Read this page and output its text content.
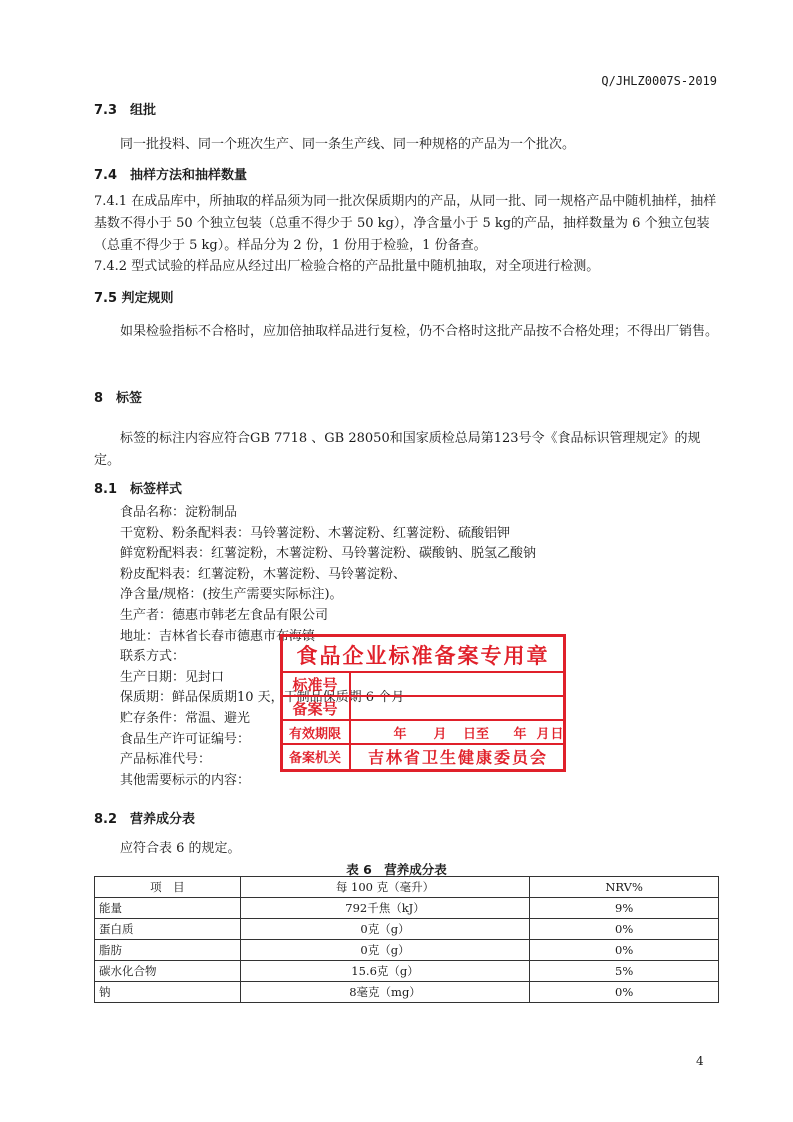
Q/JHLZ0007S-2019
7.3　组批
同一批投料、同一个班次生产、同一条生产线、同一种规格的产品为一个批次。
7.4　抽样方法和抽样数量
7.4.1 在成品库中，所抽取的样品须为同一批次保质期内的产品，从同一批、同一规格产品中随机抽样，抽样基数不得小于 50 个独立包装（总重不得少于 50 kg），净含量小于 5 kg的产品，抽样数量为 6 个独立包装（总重不得少于 5 kg）。样品分为 2 份，1 份用于检验，1 份备查。
7.4.2 型式试验的样品应从经过出厂检验合格的产品批量中随机抽取，对全项进行检测。
7.5 判定规则
如果检验指标不合格时，应加倍抽取样品进行复检，仍不合格时这批产品按不合格处理；不得出厂销售。
8　标签
标签的标注内容应符合GB 7718 、GB 28050和国家质检总局第123号令《食品标识管理规定》的规定。
8.1　标签样式
食品名称：淀粉制品
干宽粉、粉条配料表：马铃薯淀粉、木薯淀粉、红薯淀粉、硫酸铝钾
鲜宽粉配料表：红薯淀粉，木薯淀粉、马铃薯淀粉、碳酸钠、脱氢乙酸钠
粉皮配料表：红薯淀粉，木薯淀粉、马铃薯淀粉、
净含量/规格：(按生产需要实际标注)。
生产者：德惠市韩老左食品有限公司
地址：吉林省长春市德惠市布海镇
联系方式：
生产日期：见封口
保质期：鲜品保质期10 天，干制品保质期 6 个月
贮存条件：常温、避光
食品生产许可证编号：
产品标准代号：
其他需要标示的内容：
食品企业标准备案专用章
标准号
备案号
有效期限	年 月 日至 年 月 日
备案机关 吉林省卫生健康委员会
8.2　营养成分表
应符合表 6 的规定。
表 6　营养成分表
项　目	每 100 克（毫升）	NRV%
能量	792千焦（kJ）	9%
蛋白质	0克（g）	0%
脂肪	0克（g）	0%
碳水化合物	15.6克（g）	5%
钠	8毫克（mg）	0%
4
